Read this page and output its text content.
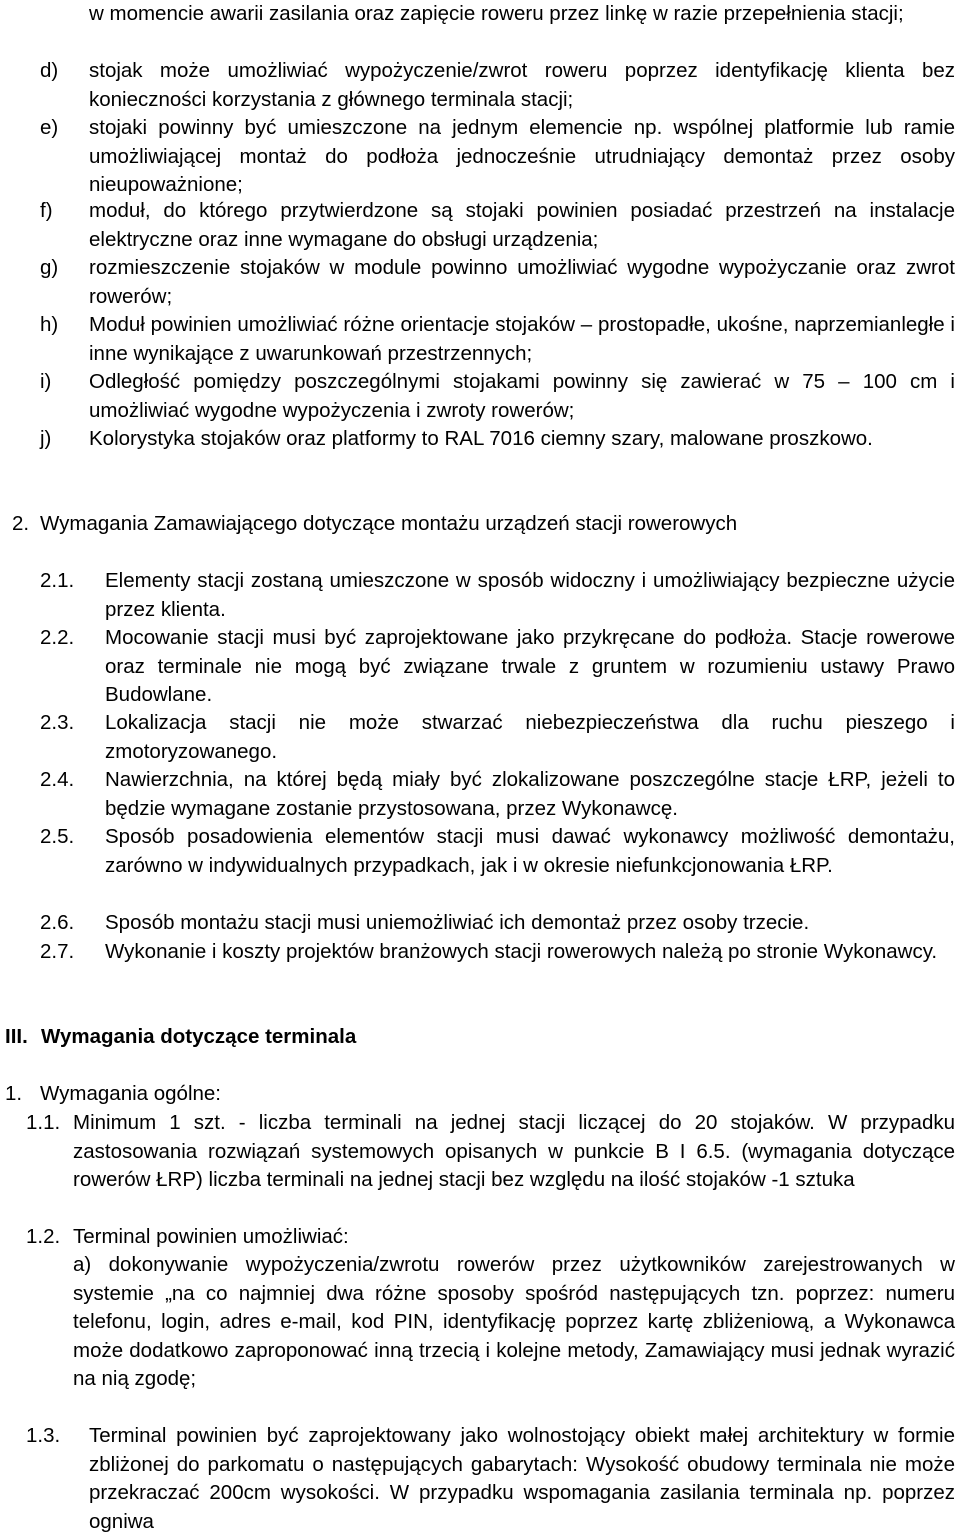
w momencie awarii zasilania oraz zapięcie roweru przez linkę w razie przepełnienia stacji;
d) stojak może umożliwiać wypożyczenie/zwrot roweru poprzez identyfikację klienta bez konieczności korzystania z głównego terminala stacji;
e) stojaki powinny być umieszczone na jednym elemencie np. wspólnej platformie lub ramie umożliwiającej montaż do podłoża jednocześnie utrudniający demontaż przez osoby nieupoważnione;
f) moduł, do którego przytwierdzone są stojaki powinien posiadać przestrzeń na instalacje elektryczne oraz inne wymagane do obsługi urządzenia;
g) rozmieszczenie stojaków w module powinno umożliwiać wygodne wypożyczanie oraz zwrot rowerów;
h) Moduł powinien umożliwiać różne orientacje stojaków – prostopadłe, ukośne, naprzemianległe i inne wynikające z uwarunkowań przestrzennych;
i) Odległość pomiędzy poszczególnymi stojakami powinny się zawierać w 75 – 100 cm i umożliwiać wygodne wypożyczenia i zwroty rowerów;
j) Kolorystyka stojaków oraz platformy to RAL 7016 ciemny szary, malowane proszkowo.
2. Wymagania Zamawiającego dotyczące montażu urządzeń stacji rowerowych
2.1. Elementy stacji zostaną umieszczone w sposób widoczny i umożliwiający bezpieczne użycie przez klienta.
2.2. Mocowanie stacji musi być zaprojektowane jako przykręcane do podłoża. Stacje rowerowe oraz terminale nie mogą być związane trwale z gruntem w rozumieniu ustawy Prawo Budowlane.
2.3. Lokalizacja stacji nie może stwarzać niebezpieczeństwa dla ruchu pieszego i zmotoryzowanego.
2.4. Nawierzchnia, na której będą miały być zlokalizowane poszczególne stacje ŁRP, jeżeli to będzie wymagane zostanie przystosowana, przez Wykonawcę.
2.5. Sposób posadowienia elementów stacji musi dawać wykonawcy możliwość demontażu, zarówno w indywidualnych przypadkach, jak i w okresie niefunkcjonowania ŁRP.
2.6. Sposób montażu stacji musi uniemożliwiać ich demontaż przez osoby trzecie.
2.7. Wykonanie i koszty projektów branżowych stacji rowerowych należą po stronie Wykonawcy.
III. Wymagania dotyczące terminala
1. Wymagania ogólne:
1.1. Minimum 1 szt. - liczba terminali na jednej stacji liczącej do 20 stojaków. W przypadku zastosowania rozwiązań systemowych opisanych w punkcie B I 6.5. (wymagania dotyczące rowerów ŁRP) liczba terminali na jednej stacji bez względu na ilość stojaków -1 sztuka
1.2. Terminal powinien umożliwiać:
a) dokonywanie wypożyczenia/zwrotu rowerów przez użytkowników zarejestrowanych w systemie „na co najmniej dwa różne sposoby spośród następujących tzn. poprzez: numeru telefonu, login, adres e-mail, kod PIN, identyfikację poprzez kartę zbliżeniową, a Wykonawca może dodatkowo zaproponować inną trzecią i kolejne metody, Zamawiający musi jednak wyrazić na nią zgodę;
1.3. Terminal powinien być zaprojektowany jako wolnostojący obiekt małej architektury w formie zbliżonej do parkomatu o następujących gabarytach: Wysokość obudowy terminala nie może przekraczać 200cm wysokości. W przypadku wspomagania zasilania terminala np. poprzez ogniwa
